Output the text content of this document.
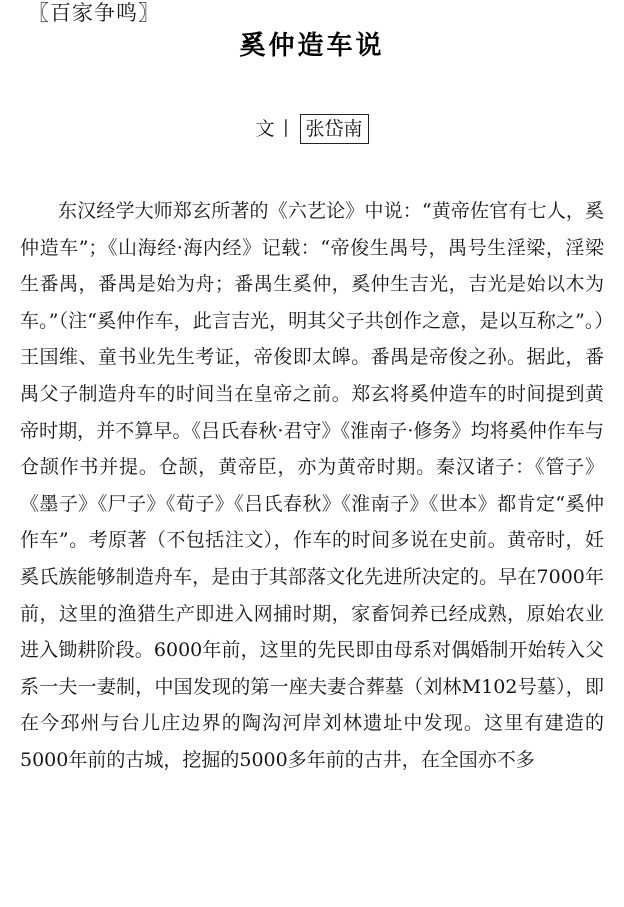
〖百家争鸣〗
奚仲造车说
文丨 张岱南

东汉经学大师郑玄所著的《六艺论》中说：“黄帝佐官有七人，奚仲造车”；《山海经·海内经》记载：“帝俊生禺号，禺号生淫梁，淫梁生番禺，番禺是始为舟；番禺生奚仲，奚仲生吉光，吉光是始以木为车。”（注“奚仲作车，此言吉光，明其父子共创作之意，是以互称之”。）王国维、童书业先生考证，帝俊即太皞。番禺是帝俊之孙。据此，番禺父子制造舟车的时间当在皇帝之前。郑玄将奚仲造车的时间提到黄帝时期，并不算早。《吕氏春秋·君守》《淮南子·修务》均将奚仲作车与仓颉作书并提。仓颉，黄帝臣，亦为黄帝时期。秦汉诸子：《管子》《墨子》《尸子》《荀子》《吕氏春秋》《淮南子》《世本》都肯定“奚仲作车”。考原著（不包括注文），作车的时间多说在史前。黄帝时，妊奚氏族能够制造舟车，是由于其部落文化先进所决定的。早在7000年前，这里的渔猎生产即进入网捕时期，家畜饲养已经成熟，原始农业进入锄耕阶段。6000年前，这里的先民即由母系对偶婚制开始转入父系一夫一妻制，中国发现的第一座夫妻合葬墓（刘林M102号墓），即在今邳州与台儿庄边界的陶沟河岸刘林遗址中发现。这里有建造的5000年前的古城，挖掘的5000多年前的古井，在全国亦不多
